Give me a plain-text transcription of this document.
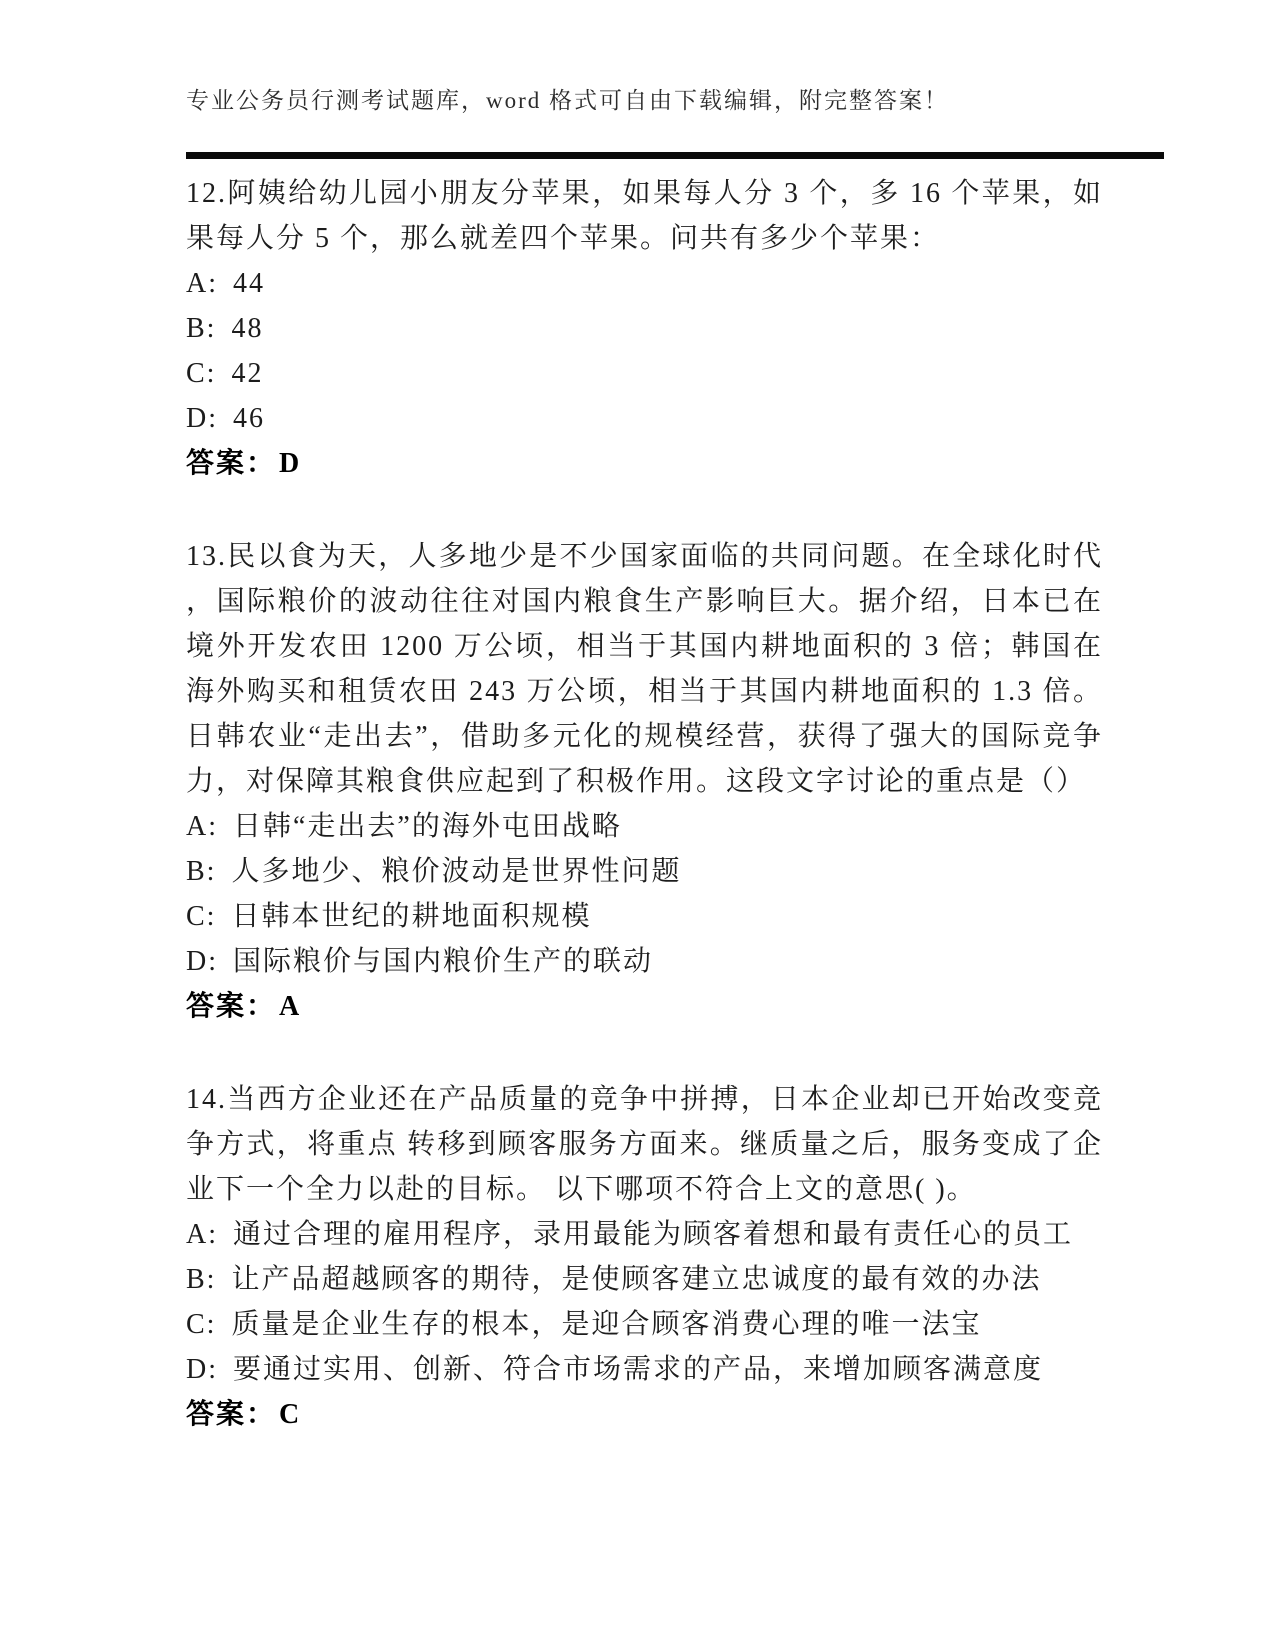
专业公务员行测考试题库，word 格式可自由下载编辑，附完整答案！

12.阿姨给幼儿园小朋友分苹果，如果每人分 3 个，多 16 个苹果，如果每人分 5 个，那么就差四个苹果。问共有多少个苹果：

A: 44
B: 48
C: 42
D: 46
答案： D

13.民以食为天，人多地少是不少国家面临的共同问题。在全球化时代，国际粮价的波动往往对国内粮食生产影响巨大。据介绍，日本已在境外开发农田 1200 万公顷，相当于其国内耕地面积的 3 倍；韩国在海外购买和租赁农田 243 万公顷，相当于其国内耕地面积的 1.3 倍。日韩农业“走出去”，借助多元化的规模经营，获得了强大的国际竞争力，对保障其粮食供应起到了积极作用。这段文字讨论的重点是（）

A: 日韩“走出去”的海外屯田战略
B: 人多地少、粮价波动是世界性问题
C: 日韩本世纪的耕地面积规模
D: 国际粮价与国内粮价生产的联动
答案： A

14.当西方企业还在产品质量的竞争中拼搏，日本企业却已开始改变竞争方式，将重点 转移到顾客服务方面来。继质量之后，服务变成了企业下一个全力以赴的目标。 以下哪项不符合上文的意思( )。

A: 通过合理的雇用程序，录用最能为顾客着想和最有责任心的员工
B: 让产品超越顾客的期待，是使顾客建立忠诚度的最有效的办法
C: 质量是企业生存的根本，是迎合顾客消费心理的唯一法宝
D: 要通过实用、创新、符合市场需求的产品，来增加顾客满意度
答案： C
